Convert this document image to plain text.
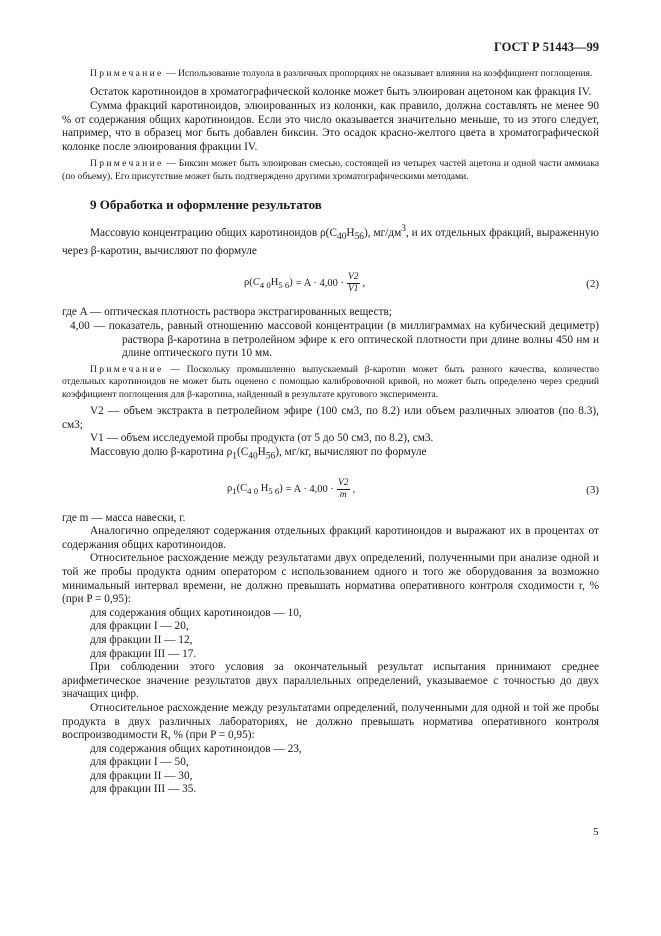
ГОСТ Р 51443—99

Примечание — Использование толуола в различных пропорциях не оказывает влияния на коэффициент поглощения.

Остаток каротиноидов в хроматографической колонке может быть элюирован ацетоном как фракция IV.

Сумма фракций каротиноидов, элюированных из колонки, как правило, должна составлять не менее 90 % от содержания общих каротиноидов. Если это число оказывается значительно меньше, то из этого следует, например, что в образец мог быть добавлен биксин. Это осадок красно-желтого цвета в хроматографической колонке после элюирования фракции IV.

Примечание — Биксин может быть элюирован смесью, состоящей из четырех частей ацетона и одной части аммиака (по объему). Его присутствие может быть подтверждено другими хроматографическими методами.

9 Обработка и оформление результатов

Массовую концентрацию общих каротиноидов $\rho(С_{40}Н_{56})$, $мг/дм^3$, и их отдельных фракций, выраженную через β-каротин, вычисляют по формуле

$\rho(С_{4 0}Н_{5 6}) = A \cdot 4,00 \cdot \frac{V2}{V1}$ ,	(2)

где A — оптическая плотность раствора экстрагированных веществ;

4,00 — показатель, равный отношению массовой концентрации (в миллиграммах на кубический дециметр) раствора β-каротина в петролейном эфире к его оптической плотности при длине волны 450 нм и длине оптического пути 10 мм.

Примечание — Поскольку промышленно выпускаемый β-каротин может быть разного качества, количество отдельных каротиноидов не может быть оценено с помощью калибровочной кривой, но может быть определено через средний коэффициент поглощения для β-каротина, найденный в результате кругового эксперимента.

V2 — объем экстракта в петролейном эфире (100 см3, по 8.2) или объем различных элюатов (по 8.3), см3;

V1 — объем исследуемой пробы продукта (от 5 до 50 см3, по 8.2), см3.

Массовую долю β-каротина $\rho_1(С_{40}Н_{56})$, мг/кг, вычисляют по формуле

$\rho_1(С_{4 0}$ $Н_{5 6}) = A \cdot 4,00 \cdot \frac{V2}{m}$ ,	(3)

где m — масса навески, г.

Аналогично определяют содержания отдельных фракций каротиноидов и выражают их в процентах от содержания общих каротиноидов.

Относительное расхождение между результатами двух определений, полученными при анализе одной и той же пробы продукта одним оператором с использованием одного и того же оборудования за возможно минимальный интервал времени, не должно превышать норматива оперативного контроля сходимости r, % (при P = 0,95):

для содержания общих каротиноидов — 10,

для фракции I — 20,

для фракции II — 12,

для фракции III — 17.

При соблюдении этого условия за окончательный результат испытания принимают среднее арифметическое значение результатов двух параллельных определений, указываемое с точностью до двух значащих цифр.

Относительное расхождение между результатами определений, полученными для одной и той же пробы продукта в двух различных лабораториях, не должно превышать норматива оперативного контроля воспроизводимости R, % (при P = 0,95):

для содержания общих каротиноидов — 23,

для фракции I — 50,

для фракции II — 30,

для фракции III — 35.

5
